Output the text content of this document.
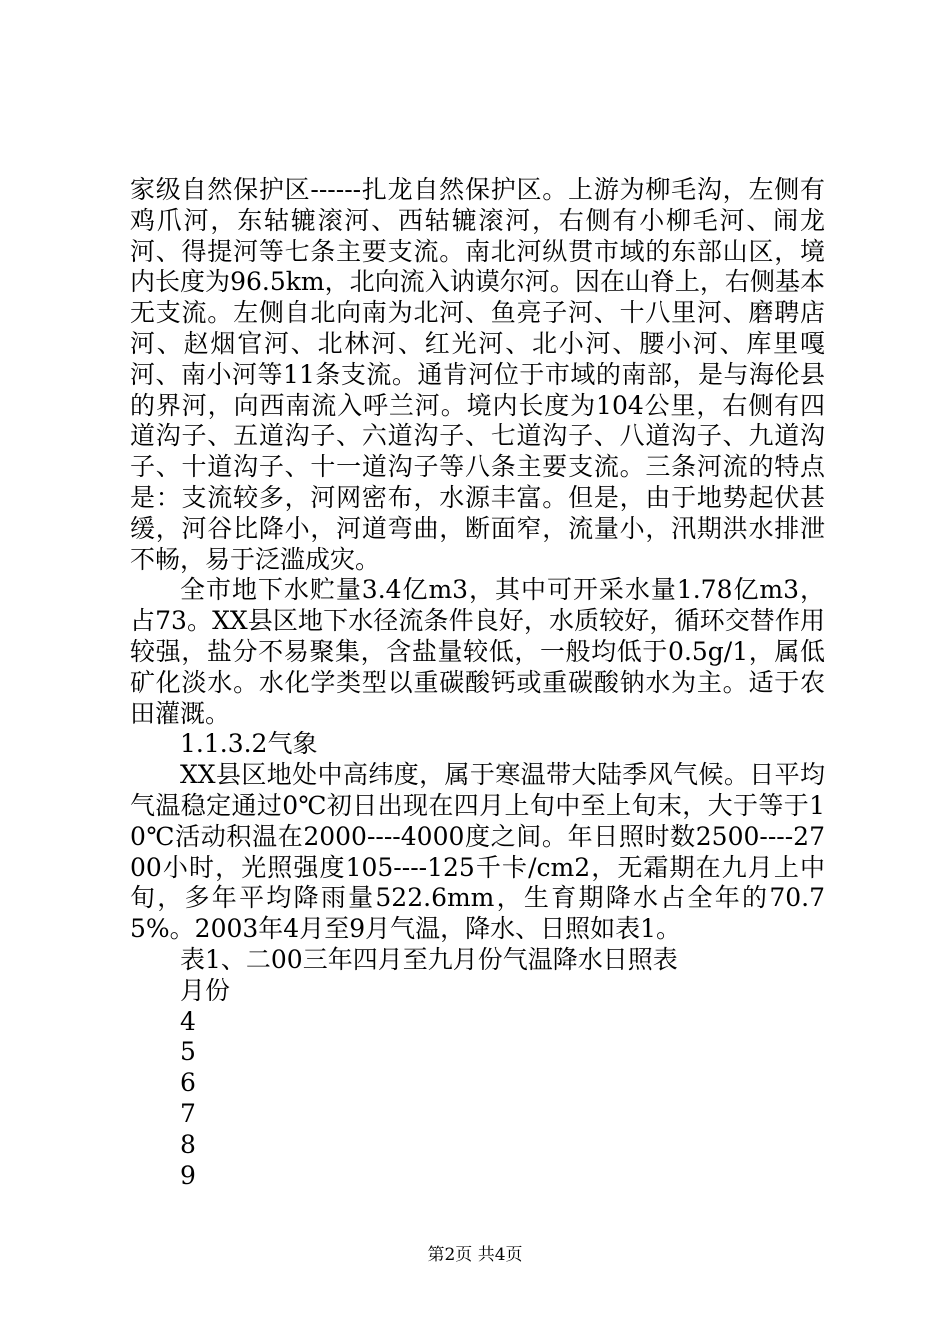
家级自然保护区------扎龙自然保护区。上游为柳毛沟，左侧有鸡爪河，东轱辘滚河、西轱辘滚河，右侧有小柳毛河、闹龙河、得提河等七条主要支流。南北河纵贯市域的东部山区，境内长度为96.5km，北向流入讷谟尔河。因在山脊上，右侧基本无支流。左侧自北向南为北河、鱼亮子河、十八里河、磨聘店河、赵烟官河、北林河、红光河、北小河、腰小河、库里嘎河、南小河等11条支流。通肯河位于市域的南部，是与海伦县的界河，向西南流入呼兰河。境内长度为104公里，右侧有四道沟子、五道沟子、六道沟子、七道沟子、八道沟子、九道沟子、十道沟子、十一道沟子等八条主要支流。三条河流的特点是：支流较多，河网密布，水源丰富。但是，由于地势起伏甚缓，河谷比降小，河道弯曲，断面窄，流量小，汛期洪水排泄不畅，易于泛滥成灾。

全市地下水贮量3.4亿m3，其中可开采水量1.78亿m3，占73。XX县区地下水径流条件良好，水质较好，循环交替作用较强，盐分不易聚集，含盐量较低，一般均低于0.5g/1，属低矿化淡水。水化学类型以重碳酸钙或重碳酸钠水为主。适于农田灌溉。

1.1.3.2气象

XX县区地处中高纬度，属于寒温带大陆季风气候。日平均气温稳定通过0℃初日出现在四月上旬中至上旬末，大于等于10℃活动积温在2000----4000度之间。年日照时数2500----2700小时，光照强度105----125千卡/cm2，无霜期在九月上中旬，多年平均降雨量522.6mm，生育期降水占全年的70.75%。2003年4月至9月气温，降水、日照如表1。

表1、二00三年四月至九月份气温降水日照表

月份
4
5
6
7
8
9
第2页 共4页
